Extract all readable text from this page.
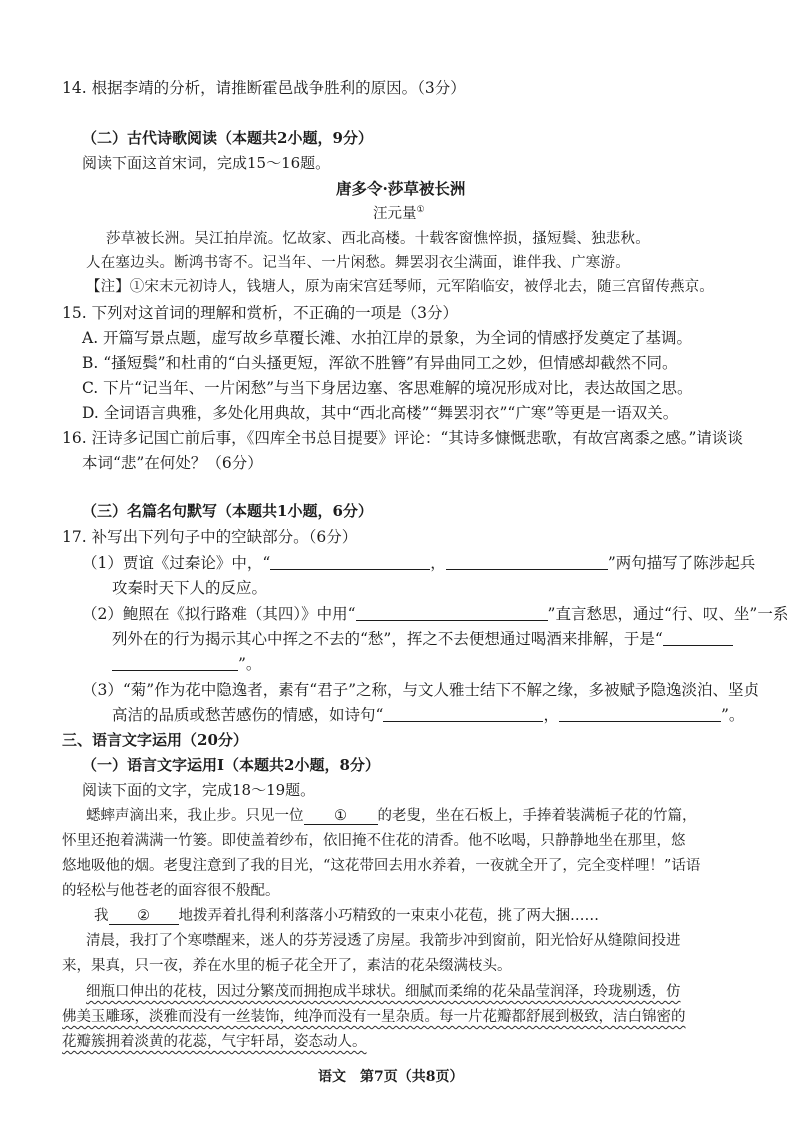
14. 根据李靖的分析，请推断霍邑战争胜利的原因。（3分）
（二）古代诗歌阅读（本题共2小题，9分）
阅读下面这首宋词，完成15～16题。
唐多令·莎草被长洲
汪元量①
莎草被长洲。吴江拍岸流。忆故家、西北高楼。十载客窗憔悴损，搔短鬓、独悲秋。
人在塞边头。断鸿书寄不。记当年、一片闲愁。舞罢羽衣尘满面，谁伴我、广寒游。
【注】①宋末元初诗人，钱塘人，原为南宋宫廷琴师，元军陷临安，被俘北去，随三宫留传燕京。
15. 下列对这首词的理解和赏析，不正确的一项是（3分）
A. 开篇写景点题，虚写故乡草覆长滩、水拍江岸的景象，为全词的情感抒发奠定了基调。
B. “搔短鬓”和杜甫的“白头搔更短，浑欲不胜簪”有异曲同工之妙，但情感却截然不同。
C. 下片“记当年、一片闲愁”与当下身居边塞、客思难解的境况形成对比，表达故国之思。
D. 全词语言典雅，多处化用典故，其中“西北高楼”“舞罢羽衣”“广寒”等更是一语双关。
16. 汪诗多记国亡前后事，《四库全书总目提要》评论：“其诗多慷慨悲歌，有故宫离黍之感。”请谈谈
本词“悲”在何处？（6分）
（三）名篇名句默写（本题共1小题，6分）
17. 补写出下列句子中的空缺部分。（6分）
（1）贾谊《过秦论》中，“	，	”两句描写了陈涉起兵
攻秦时天下人的反应。
（2）鲍照在《拟行路难（其四）》中用“	”直言愁思，通过“行、叹、坐”一系
列外在的行为揭示其心中挥之不去的“愁”，挥之不去便想通过喝酒来排解，于是“
”。
（3）“菊”作为花中隐逸者，素有“君子”之称，与文人雅士结下不解之缘，多被赋予隐逸淡泊、坚贞
高洁的品质或愁苦感伤的情感，如诗句“	，	”。
三、语言文字运用（20分）
（一）语言文字运用Ⅰ（本题共2小题，8分）
阅读下面的文字，完成18～19题。
蟋蟀声滴出来，我止步。只见一位 ① 的老叟，坐在石板上，手捧着装满栀子花的竹篇，
怀里还抱着满满一竹篓。即使盖着纱布，依旧掩不住花的清香。他不吆喝，只静静地坐在那里，悠
悠地吸他的烟。老叟注意到了我的目光，“这花带回去用水养着，一夜就全开了，完全变样哩！”话语
的轻松与他苍老的面容很不般配。
我 ② 地拨弄着扎得利利落落小巧精致的一束束小花苞，挑了两大捆……
清晨，我打了个寒噤醒来，迷人的芬芳浸透了房屋。我箭步冲到窗前，阳光恰好从缝隙间投进
来，果真，只一夜，养在水里的栀子花全开了，素洁的花朵缀满枝头。
细瓶口伸出的花枝，因过分繁茂而拥抱成半球状。细腻而柔绵的花朵晶莹润泽，玲珑剔透，仿
佛美玉雕琢，淡雅而没有一丝装饰，纯净而没有一星杂质。每一片花瓣都舒展到极致，洁白锦密的
花瓣簇拥着淡黄的花蕊，气宇轩昂，姿态动人。
语文　第7页（共8页）
